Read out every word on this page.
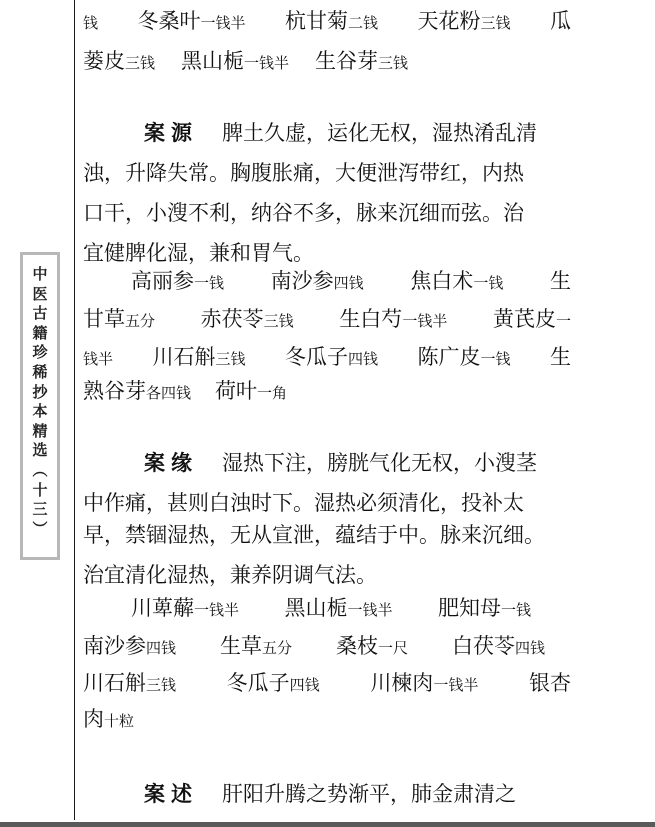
中
医
古
籍
珍
稀
抄
本
精
选
︵
十
三
︶
钱 冬桑叶一钱半 杭甘菊二钱 天花粉三钱 瓜
蒌皮三钱 黑山栀一钱半 生谷芽三钱
案源 脾土久虚，运化无权，湿热淆乱清
浊，升降失常。胸腹胀痛，大便泄泻带红，内热
口干，小溲不利，纳谷不多，脉来沉细而弦。治
宜健脾化湿，兼和胃气。
高丽参一钱 南沙参四钱 焦白术一钱 生
甘草五分 赤茯苓三钱 生白芍一钱半 黄芪皮一
钱半 川石斛三钱 冬瓜子四钱 陈广皮一钱 生
熟谷芽各四钱 荷叶一角
案缘 湿热下注，膀胱气化无权，小溲茎
中作痛，甚则白浊时下。湿热必须清化，投补太
早，禁锢湿热，无从宣泄，蕴结于中。脉来沉细。
治宜清化湿热，兼养阴调气法。
川萆薢一钱半 黑山栀一钱半 肥知母一钱
南沙参四钱 生草五分 桑枝一尺 白茯苓四钱
川石斛三钱 冬瓜子四钱 川楝肉一钱半 银杏
肉十粒
案述 肝阳升腾之势渐平，肺金肃清之
